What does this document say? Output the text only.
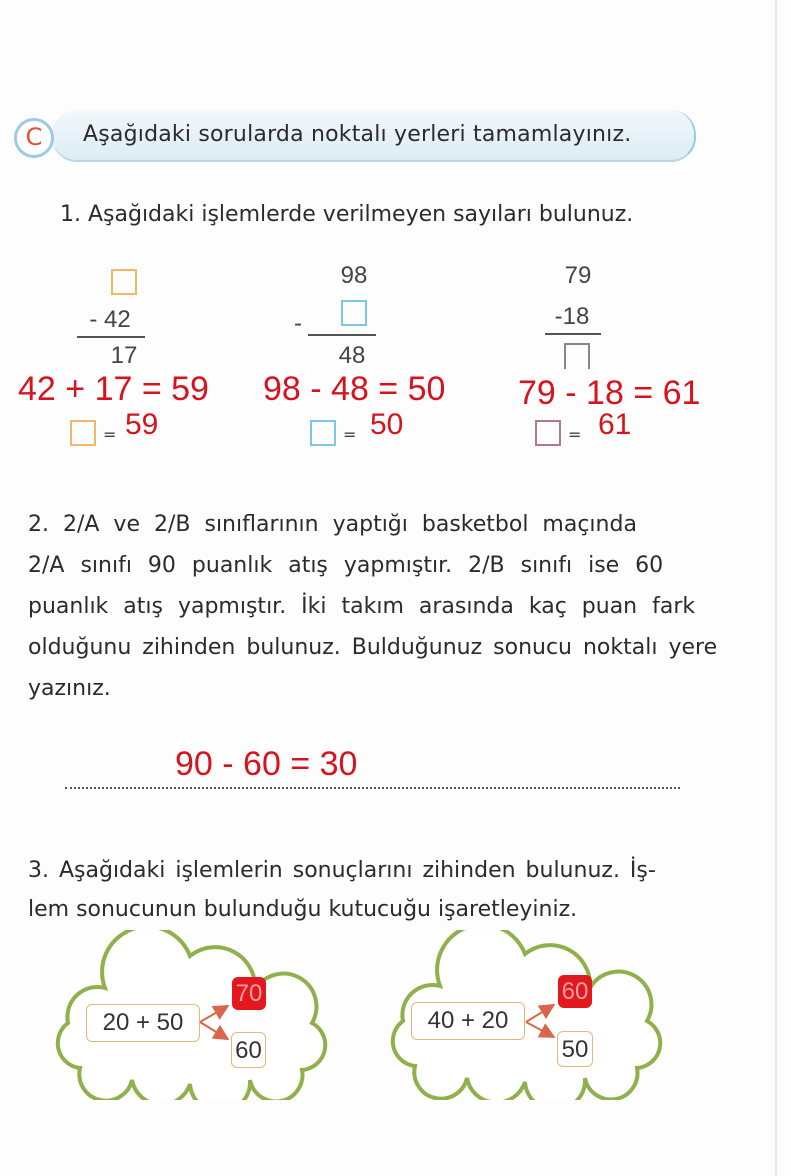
C	Aşağıdaki sorularda noktalı yerleri tamamlayınız.
1. Aşağıdaki işlemlerde verilmeyen sayıları bulunuz.
- 42
17
42 + 17 = 59
= 59
98
-
48
98 - 48 = 50
= 50
79
-18
79 - 18 = 61
= 61
2. 2/A ve 2/B sınıflarının yaptığı basketbol maçında
2/A sınıfı 90 puanlık atış yapmıştır. 2/B sınıfı ise 60
puanlık atış yapmıştır. İki takım arasında kaç puan fark
olduğunu zihinden bulunuz. Bulduğunuz sonucu noktalı yere
yazınız.
90 - 60 = 30
3. Aşağıdaki işlemlerin sonuçlarını zihinden bulunuz. İş-
lem sonucunun bulunduğu kutucuğu işaretleyiniz.
20 + 50
70
60
40 + 20
60
50
